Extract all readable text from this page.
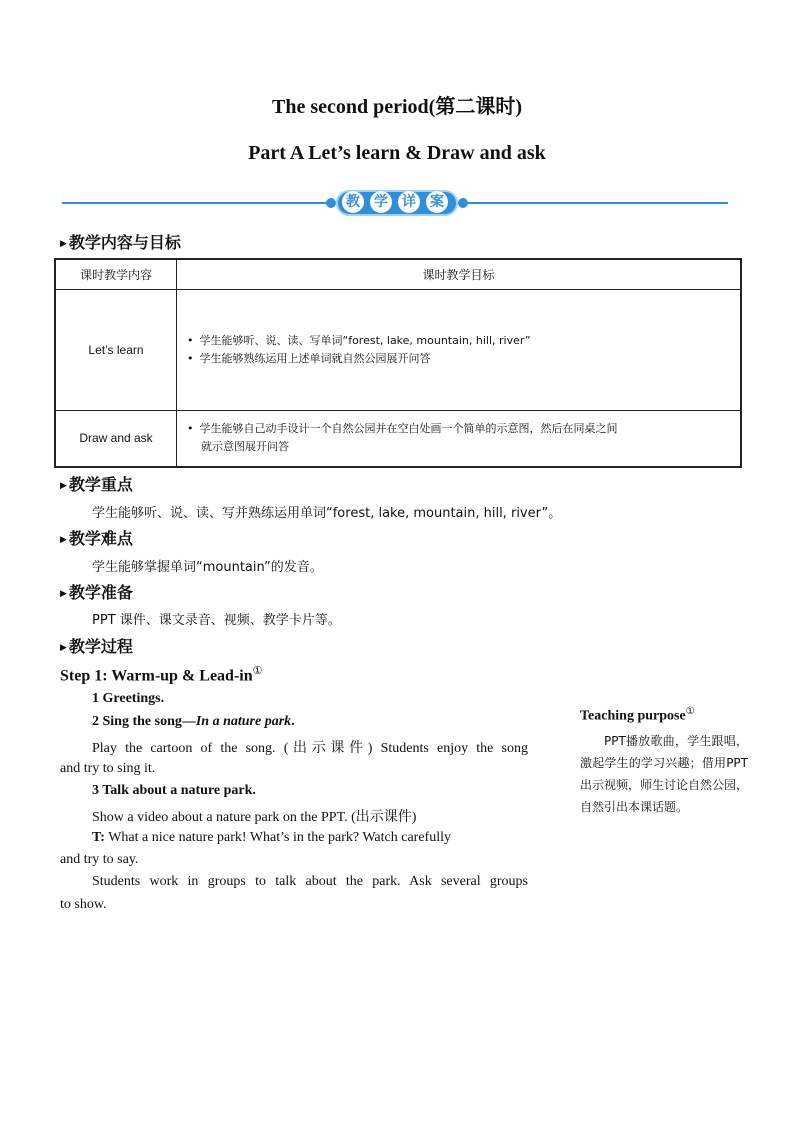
The second period(第二课时)
Part A Let’s learn & Draw and ask
教 学 详 案
▶ 教学内容与目标
课时教学内容	课时教学目标
Let’s learn	• 学生能够听、说、读、写单词“forest, lake, mountain, hill, river”
• 学生能够熟练运用上述单词就自然公园展开问答

Draw and ask	• 学生能够自己动手设计一个自然公园并在空白处画一个简单的示意图，然后在同桌之间
就示意图展开问答
▶ 教学重点
学生能够听、说、读、写并熟练运用单词“forest, lake, mountain, hill, river”。
▶ 教学难点
学生能够掌握单词“mountain”的发音。
▶ 教学准备
PPT 课件、课文录音、视频、教学卡片等。
▶ 教学过程
Step 1: Warm-up & Lead-in①
1 Greetings.
2 Sing the song—In a nature park.
Play the cartoon of the song. (出示课件) Students enjoy the song
and try to sing it.
3 Talk about a nature park.
Show a video about a nature park on the PPT. (出示课件)
T: What a nice nature park! What’s in the park? Watch carefully
and try to say.
Students work in groups to talk about the park. Ask several groups
to show.
Teaching purpose①
PPT播放歌曲，学生跟唱，激起学生的学习兴趣；借用PPT出示视频，师生讨论自然公园，自然引出本课话题。
